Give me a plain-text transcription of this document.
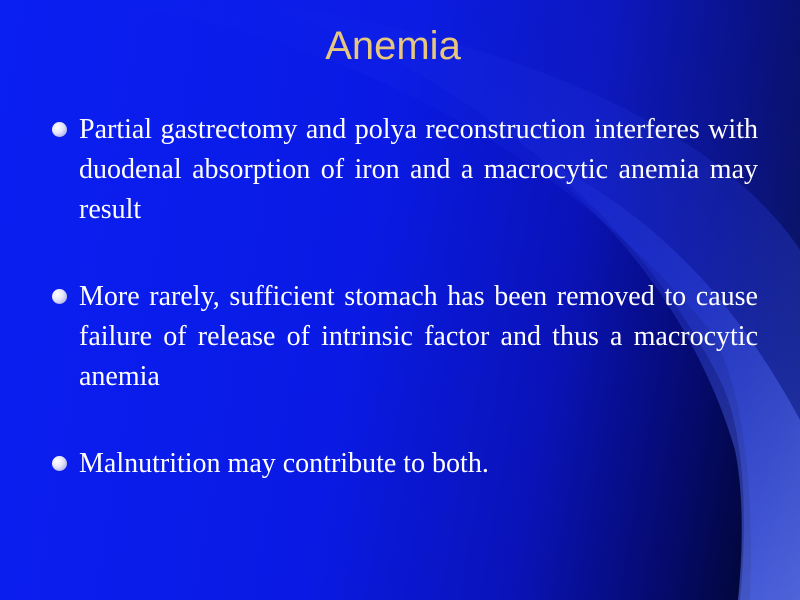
Anemia
Partial gastrectomy and polya reconstruction interferes with duodenal absorption of iron and a macrocytic anemia may result
More rarely, sufficient stomach has been removed to cause failure of release of intrinsic factor and thus a macrocytic anemia
Malnutrition may contribute to both.
